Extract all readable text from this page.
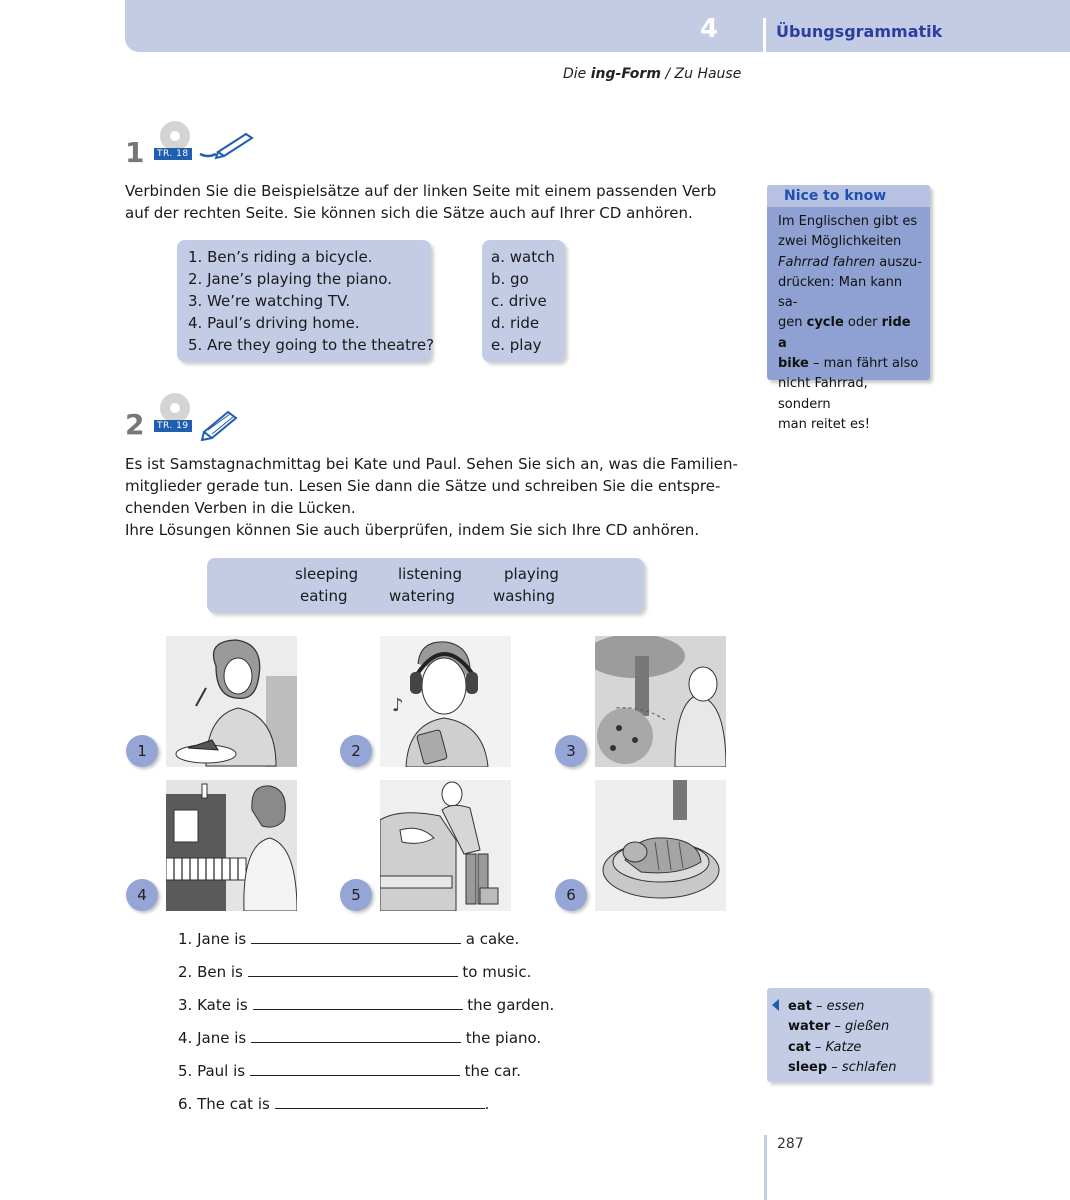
4	Übungsgrammatik
Die ing-Form / Zu Hause
1	TR. 18
Verbinden Sie die Beispielsätze auf der linken Seite mit einem passenden Verb
auf der rechten Seite. Sie können sich die Sätze auch auf Ihrer CD anhören.
1. Ben’s riding a bicycle.
2. Jane’s playing the piano.
3. We’re watching TV.
4. Paul’s driving home.
5. Are they going to the theatre?
a. watch
b. go
c. drive
d. ride
e. play
Nice to know
Im Englischen gibt es
zwei Möglichkeiten
Fahrrad fahren auszu-
drücken: Man kann sa-
gen cycle oder ride a
bike – man fährt also
nicht Fahrrad, sondern
man reitet es!
2	TR. 19
Es ist Samstagnachmittag bei Kate und Paul. Sehen Sie sich an, was die Familien-
mitglieder gerade tun. Lesen Sie dann die Sätze und schreiben Sie die entspre-
chenden Verben in die Lücken.
Ihre Lösungen können Sie auch überprüfen, indem Sie sich Ihre CD anhören.
sleeping	listening	playing
eating	watering	washing
♪
1	2	3
4	5	6
1. Jane is	a cake.
2. Ben is	to music.
3. Kate is	the garden.
4. Jane is	the piano.
5. Paul is	the car.
6. The cat is	.
eat – essen
water – gießen
cat – Katze
sleep – schlafen
287
